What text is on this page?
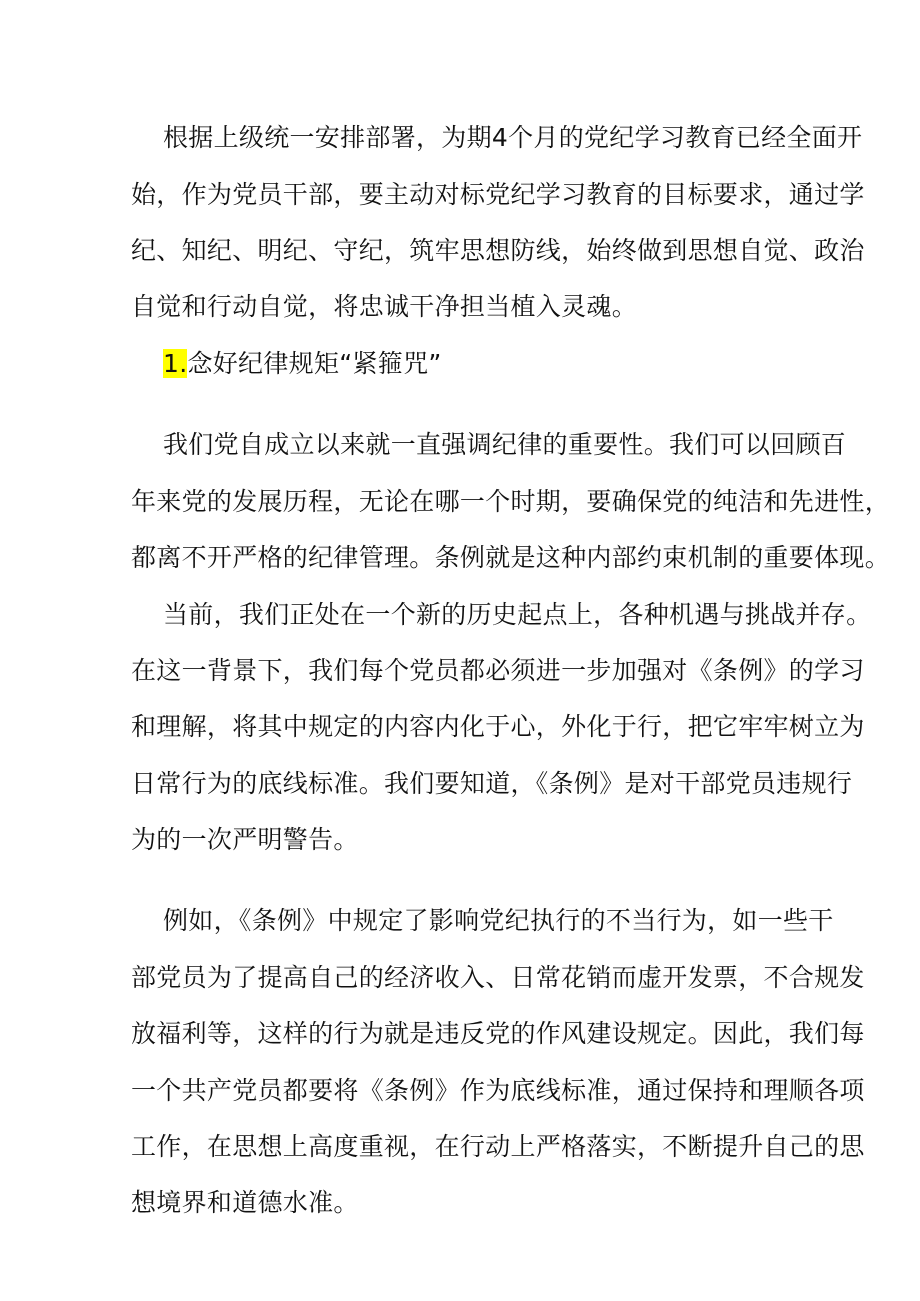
根据上级统一安排部署，为期4个月的党纪学习教育已经全面开
始，作为党员干部，要主动对标党纪学习教育的目标要求，通过学
纪、知纪、明纪、守纪，筑牢思想防线，始终做到思想自觉、政治
自觉和行动自觉，将忠诚干净担当植入灵魂。
1.念好纪律规矩“紧箍咒”
我们党自成立以来就一直强调纪律的重要性。我们可以回顾百
年来党的发展历程，无论在哪一个时期，要确保党的纯洁和先进性，
都离不开严格的纪律管理。条例就是这种内部约束机制的重要体现。
当前，我们正处在一个新的历史起点上，各种机遇与挑战并存。
在这一背景下，我们每个党员都必须进一步加强对《条例》的学习
和理解，将其中规定的内容内化于心，外化于行，把它牢牢树立为
日常行为的底线标准。我们要知道，《条例》是对干部党员违规行
为的一次严明警告。
例如，《条例》中规定了影响党纪执行的不当行为，如一些干
部党员为了提高自己的经济收入、日常花销而虚开发票，不合规发
放福利等，这样的行为就是违反党的作风建设规定。因此，我们每
一个共产党员都要将《条例》作为底线标准，通过保持和理顺各项
工作，在思想上高度重视，在行动上严格落实，不断提升自己的思
想境界和道德水准。
